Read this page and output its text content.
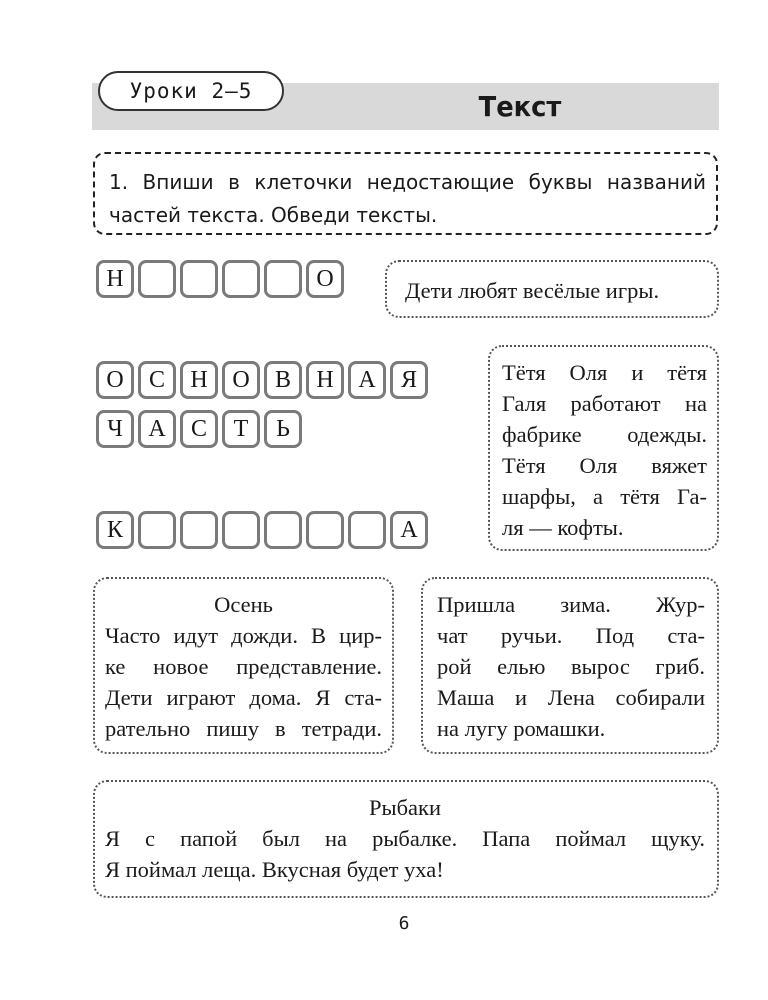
Уроки 2—5	Текст
1. Впиши в клеточки недостающие буквы названий
частей текста. Обведи тексты.
Н	О
О	С	Н	О	В	Н	А	Я
Ч	А	С	Т	Ь
К	А
Дети любят весёлые игры.
Тётя Оля и тётя
Галя работают на
фабрике одежды.
Тётя Оля вяжет
шарфы, а тётя Га-
ля — кофты.
Осень
Часто идут дожди. В цир-
ке новое представление.
Дети играют дома. Я ста-
рательно пишу в тетради.
Пришла зима. Жур-
чат ручьи. Под ста-
рой елью вырос гриб.
Маша и Лена собирали
на лугу ромашки.
Рыбаки
Я с папой был на рыбалке. Папа поймал щуку.
Я поймал леща. Вкусная будет уха!
6
